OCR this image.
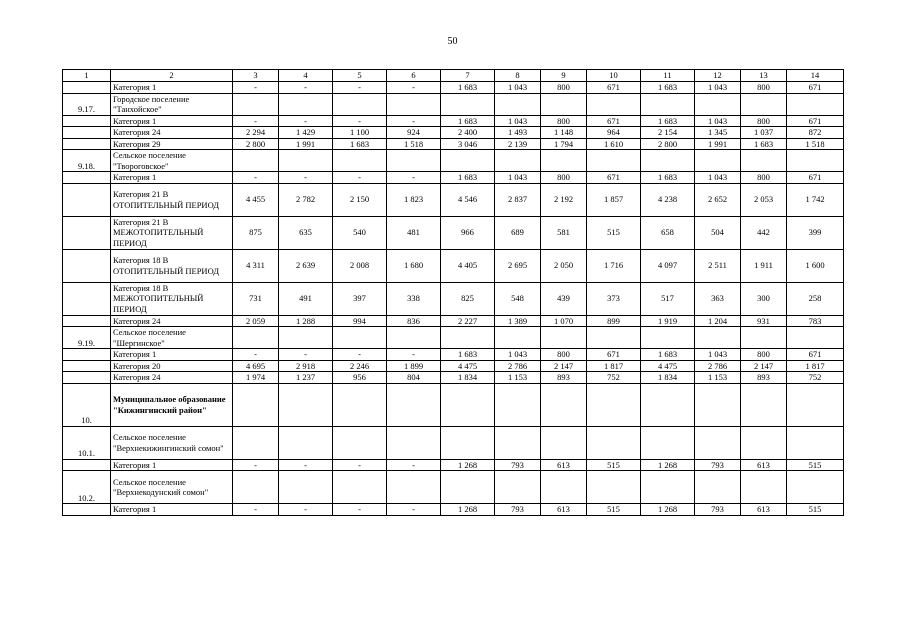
50
1	2	3	4	5	6	7	8	9	10	11	12	13	14
	Категория 1	-	-	-	-	1 683	1 043	800	671	1 683	1 043	800	671
9.17.	Городское поселение "Танхойское"												
	Категория 1	-	-	-	-	1 683	1 043	800	671	1 683	1 043	800	671
	Категория 24	2 294	1 429	1 100	924	2 400	1 493	1 148	964	2 154	1 345	1 037	872
	Категория 29	2 800	1 991	1 683	1 518	3 046	2 139	1 794	1 610	2 800	1 991	1 683	1 518
9.18.	Сельское поселение "Твороговское"												
	Категория 1	-	-	-	-	1 683	1 043	800	671	1 683	1 043	800	671
	Категория 21 В ОТОПИТЕЛЬНЫЙ ПЕРИОД	4 455	2 782	2 150	1 823	4 546	2 837	2 192	1 857	4 238	2 652	2 053	1 742
	Категория 21 В МЕЖОТОПИТЕЛЬНЫЙ ПЕРИОД	875	635	540	481	966	689	581	515	658	504	442	399
	Категория 18 В ОТОПИТЕЛЬНЫЙ ПЕРИОД	4 311	2 639	2 008	1 680	4 405	2 695	2 050	1 716	4 097	2 511	1 911	1 600
	Категория 18 В МЕЖОТОПИТЕЛЬНЫЙ ПЕРИОД	731	491	397	338	825	548	439	373	517	363	300	258
	Категория 24	2 059	1 288	994	836	2 227	1 389	1 070	899	1 919	1 204	931	783
9.19.	Сельское поселение "Шергинское"												
	Категория 1	-	-	-	-	1 683	1 043	800	671	1 683	1 043	800	671
	Категория 20	4 695	2 918	2 246	1 899	4 475	2 786	2 147	1 817	4 475	2 786	2 147	1 817
	Категория 24	1 974	1 237	956	804	1 834	1 153	893	752	1 834	1 153	893	752
10.	Муниципальное образование "Кижингинский район"												
10.1.	Сельское поселение "Верхнекижингинский сомон"												
	Категория 1	-	-	-	-	1 268	793	613	515	1 268	793	613	515
10.2.	Сельское поселение "Верхнекодунский сомон"												
	Категория 1	-	-	-	-	1 268	793	613	515	1 268	793	613	515
